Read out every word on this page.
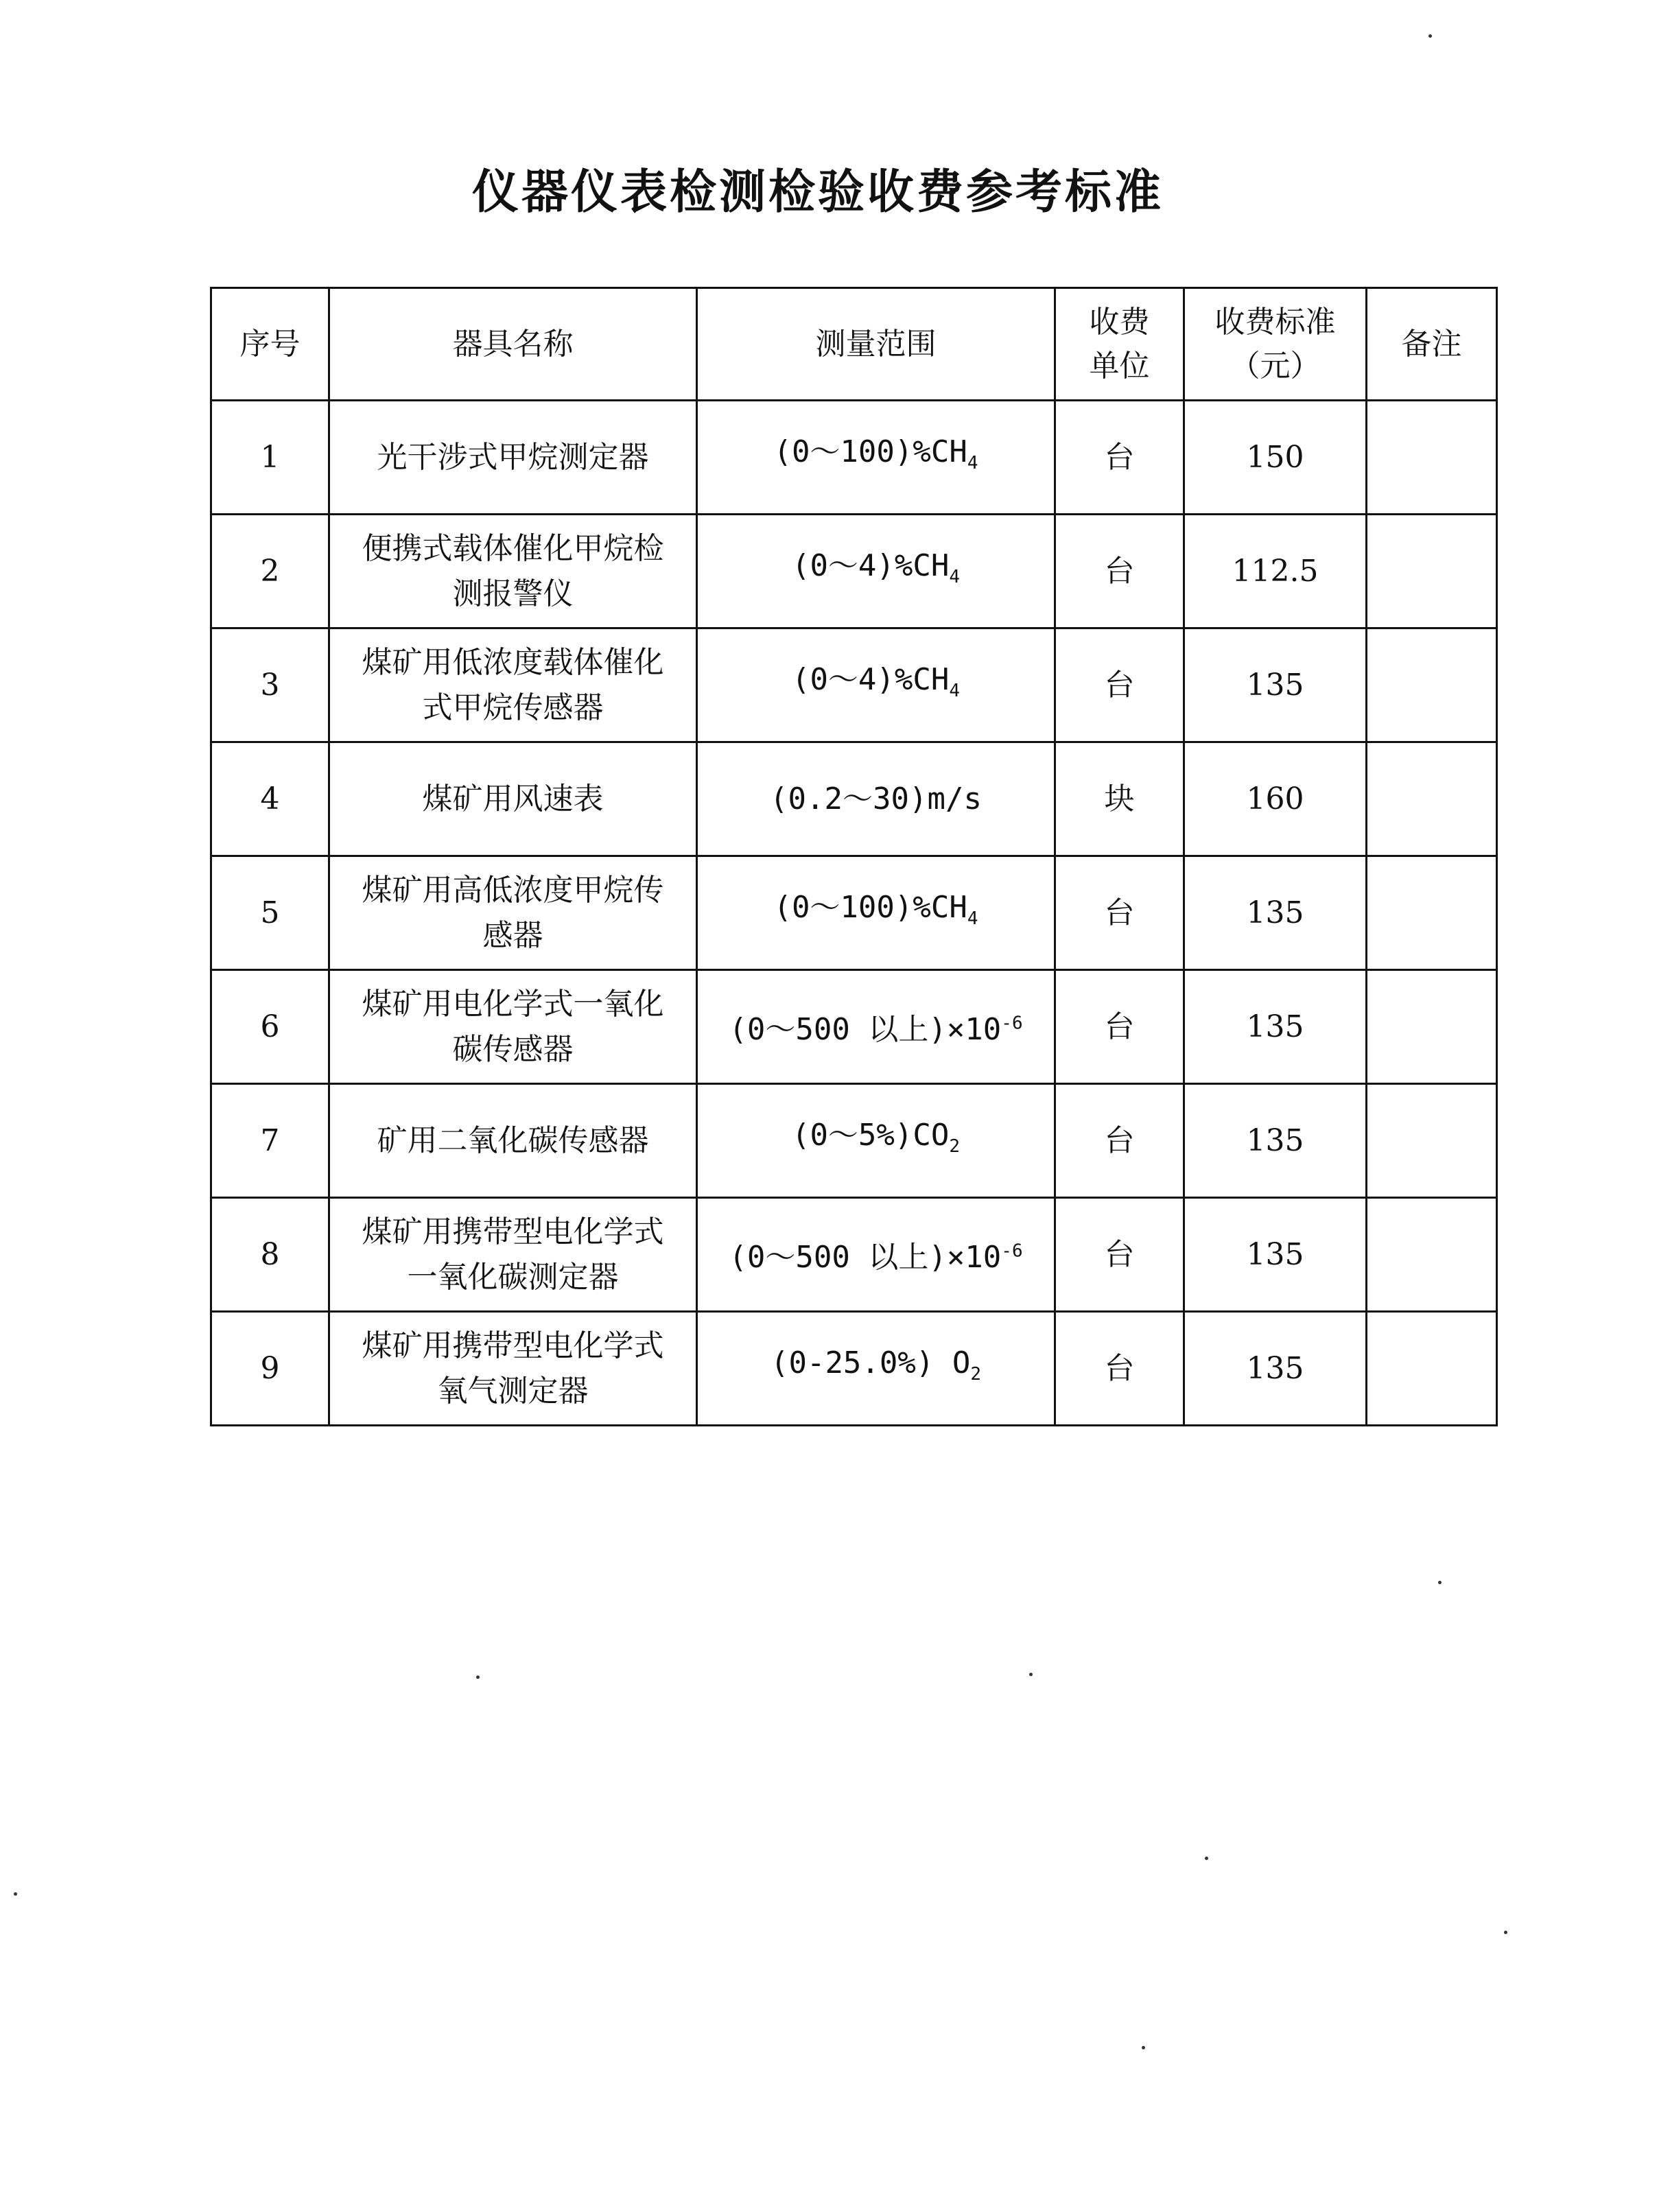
仪器仪表检测检验收费参考标准
序号	器具名称	测量范围	收费单位	收费标准（元）	备注
1	光干涉式甲烷测定器	$(0\sim 100)\%CH_4$	台	150	
2	便携式载体催化甲烷检测报警仪	$(0\sim 4)\%CH_4$	台	112.5	
3	煤矿用低浓度载体催化式甲烷传感器	$(0\sim 4)\%CH_4$	台	135	
4	煤矿用风速表	(0.2～30)m/s	块	160	
5	煤矿用高低浓度甲烷传感器	$(0\sim 100)\%CH_4$	台	135	
6	煤矿用电化学式一氧化碳传感器	(0～500 以上)$\times 10^{-6}$	台	135	
7	矿用二氧化碳传感器	$(0\sim 5\%)CO_2$	台	135	
8	煤矿用携带型电化学式一氧化碳测定器	(0～500 以上)$\times 10^{-6}$	台	135	
9	煤矿用携带型电化学式氧气测定器	(0-25.0%) $O_2$	台	135	
